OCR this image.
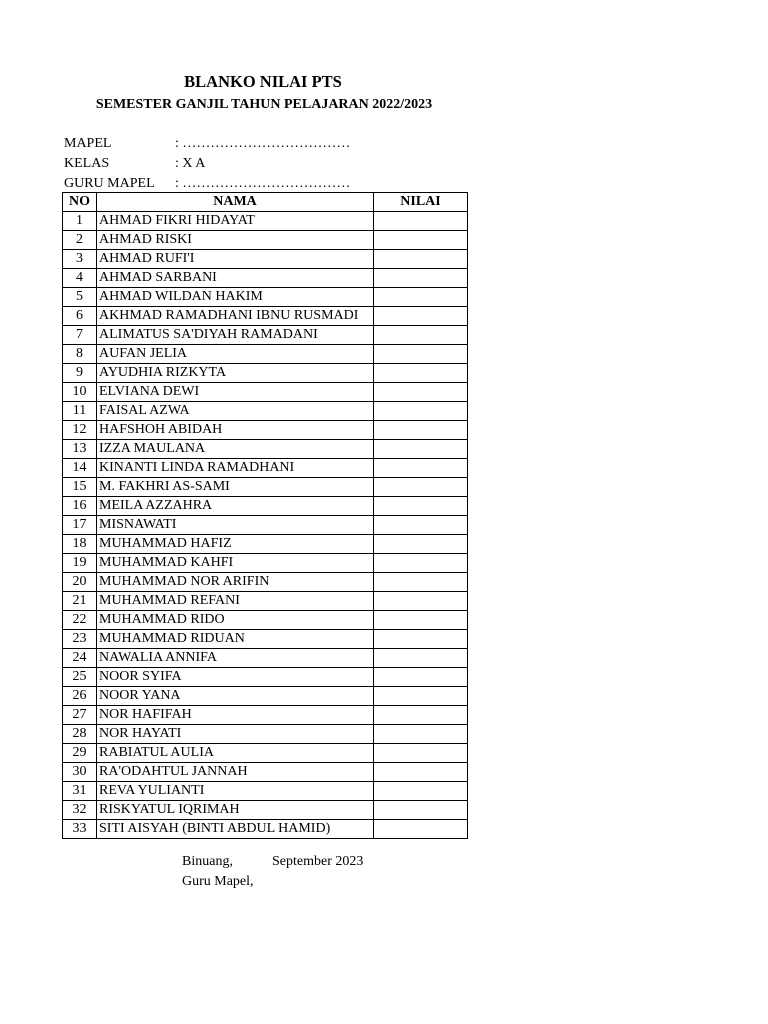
BLANKO NILAI PTS
SEMESTER GANJIL TAHUN PELAJARAN 2022/2023
MAPEL	: ………………………………
KELAS	: X A
GURU MAPEL : ………………………………
NO	NAMA	NILAI
1	AHMAD FIKRI HIDAYAT	
2	AHMAD RISKI	
3	AHMAD RUFI'I	
4	AHMAD SARBANI	
5	AHMAD WILDAN HAKIM	
6	AKHMAD RAMADHANI IBNU RUSMADI	
7	ALIMATUS SA'DIYAH RAMADANI	
8	AUFAN JELIA	
9	AYUDHIA RIZKYTA	
10	ELVIANA DEWI	
11	FAISAL AZWA	
12	HAFSHOH ABIDAH	
13	IZZA MAULANA	
14	KINANTI LINDA RAMADHANI	
15	M. FAKHRI AS-SAMI	
16	MEILA AZZAHRA	
17	MISNAWATI	
18	MUHAMMAD HAFIZ	
19	MUHAMMAD KAHFI	
20	MUHAMMAD NOR ARIFIN	
21	MUHAMMAD REFANI	
22	MUHAMMAD RIDO	
23	MUHAMMAD RIDUAN	
24	NAWALIA ANNIFA	
25	NOOR SYIFA	
26	NOOR YANA	
27	NOR HAFIFAH	
28	NOR HAYATI	
29	RABIATUL AULIA	
30	RA'ODAHTUL JANNAH	
31	REVA YULIANTI	
32	RISKYATUL IQRIMAH	
33	SITI AISYAH (BINTI ABDUL HAMID)	
Binuang,	September 2023
Guru Mapel,
